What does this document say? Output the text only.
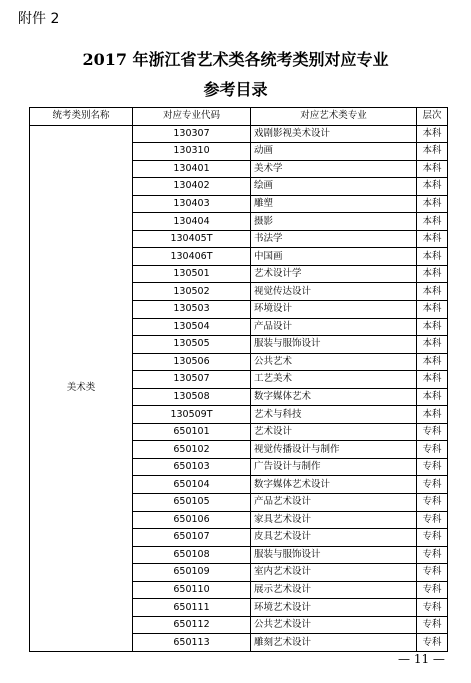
附件 2
2017 年浙江省艺术类各统考类别对应专业
参考目录
统考类别名称	对应专业代码	对应艺术类专业	层次
美术类	130307	戏剧影视美术设计	本科
	130310	动画	本科
	130401	美术学	本科
	130402	绘画	本科
	130403	雕塑	本科
	130404	摄影	本科
	130405T	书法学	本科
	130406T	中国画	本科
	130501	艺术设计学	本科
	130502	视觉传达设计	本科
	130503	环境设计	本科
	130504	产品设计	本科
	130505	服装与服饰设计	本科
	130506	公共艺术	本科
	130507	工艺美术	本科
	130508	数字媒体艺术	本科
	130509T	艺术与科技	本科
	650101	艺术设计	专科
	650102	视觉传播设计与制作	专科
	650103	广告设计与制作	专科
	650104	数字媒体艺术设计	专科
	650105	产品艺术设计	专科
	650106	家具艺术设计	专科
	650107	皮具艺术设计	专科
	650108	服装与服饰设计	专科
	650109	室内艺术设计	专科
	650110	展示艺术设计	专科
	650111	环境艺术设计	专科
	650112	公共艺术设计	专科
	650113	雕刻艺术设计	专科
— 11 —
